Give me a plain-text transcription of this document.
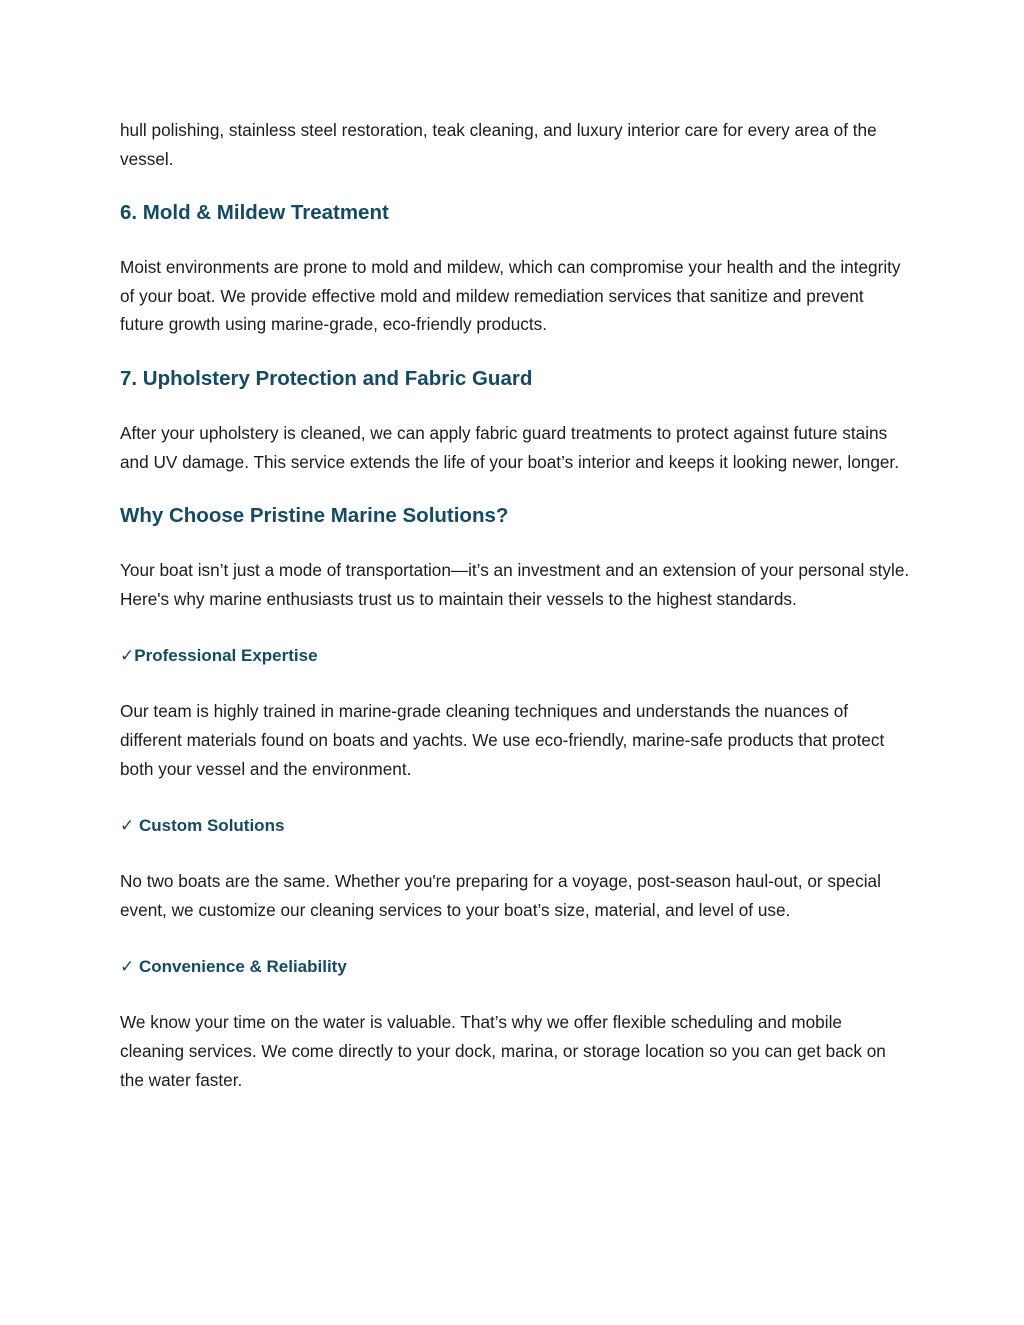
hull polishing, stainless steel restoration, teak cleaning, and luxury interior care for every area of the vessel.

6. Mold & Mildew Treatment

Moist environments are prone to mold and mildew, which can compromise your health and the integrity of your boat. We provide effective mold and mildew remediation services that sanitize and prevent future growth using marine-grade, eco-friendly products.

7. Upholstery Protection and Fabric Guard

After your upholstery is cleaned, we can apply fabric guard treatments to protect against future stains and UV damage. This service extends the life of your boat’s interior and keeps it looking newer, longer.

Why Choose Pristine Marine Solutions?

Your boat isn’t just a mode of transportation—it’s an investment and an extension of your personal style. Here's why marine enthusiasts trust us to maintain their vessels to the highest standards.

✓Professional Expertise

Our team is highly trained in marine-grade cleaning techniques and understands the nuances of different materials found on boats and yachts. We use eco-friendly, marine-safe products that protect both your vessel and the environment.

✓ Custom Solutions

No two boats are the same. Whether you're preparing for a voyage, post-season haul-out, or special event, we customize our cleaning services to your boat’s size, material, and level of use.

✓ Convenience & Reliability

We know your time on the water is valuable. That’s why we offer flexible scheduling and mobile cleaning services. We come directly to your dock, marina, or storage location so you can get back on the water faster.
